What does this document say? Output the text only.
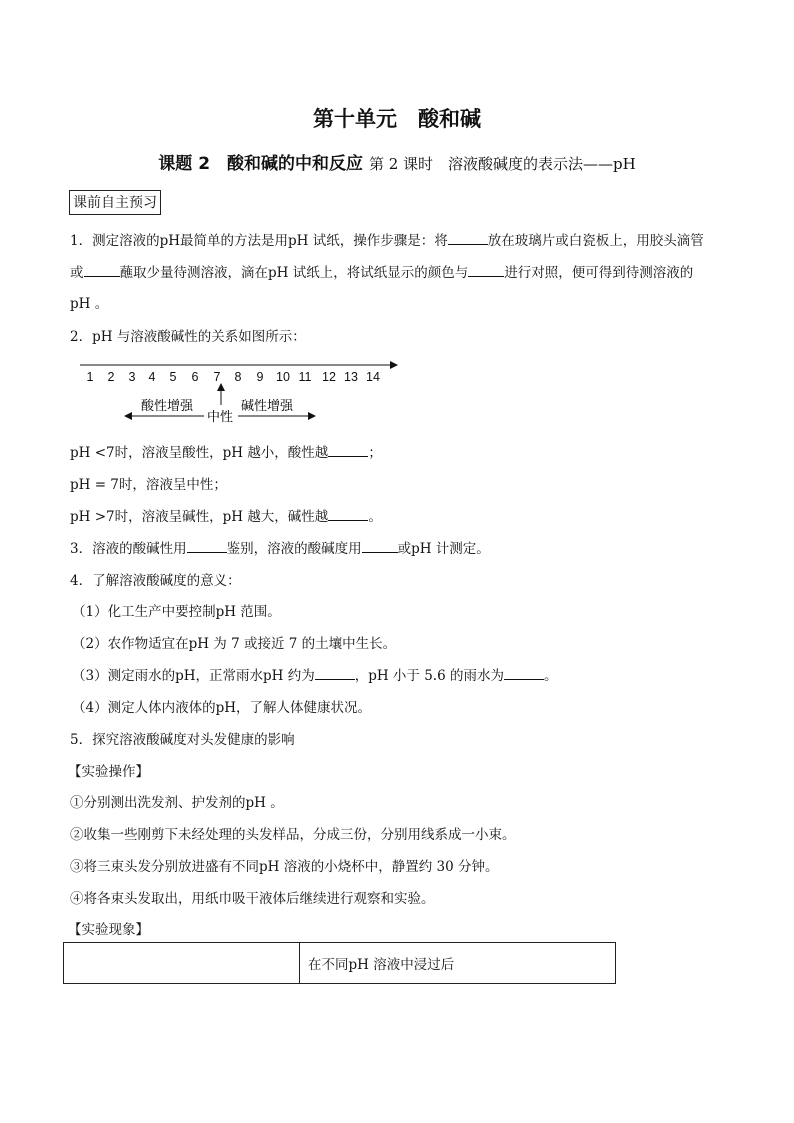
第十单元　酸和碱
课题 2　酸和碱的中和反应 第 2 课时　溶液酸碱度的表示法——pH
课前自主预习
1．测定溶液的pH最简单的方法是用pH 试纸，操作步骤是：将	放在玻璃片或白瓷板上，用胶头滴管
或	蘸取少量待测溶液，滴在pH 试纸上，将试纸显示的颜色与	进行对照，便可得到待测溶液的
pH 。
2．pH 与溶液酸碱性的关系如图所示：
1 2 3 4 5 6 7 8 9 10 11 12 13 14
酸性增强
中性
碱性增强
pH <7时，溶液呈酸性，pH 越小，酸性越	；
pH = 7时，溶液呈中性；
pH >7时，溶液呈碱性，pH 越大，碱性越	。
3．溶液的酸碱性用	鉴别，溶液的酸碱度用	或pH 计测定。
4．了解溶液酸碱度的意义：
（1）化工生产中要控制pH 范围。
（2）农作物适宜在pH 为 7 或接近 7 的土壤中生长。
（3）测定雨水的pH，正常雨水pH 约为	，pH 小于 5.6 的雨水为	。
（4）测定人体内液体的pH，了解人体健康状况。
5．探究溶液酸碱度对头发健康的影响
【实验操作】
①分别测出洗发剂、护发剂的pH 。
②收集一些刚剪下未经处理的头发样品，分成三份，分别用线系成一小束。
③将三束头发分别放进盛有不同pH 溶液的小烧杯中，静置约 30 分钟。
④将各束头发取出，用纸巾吸干液体后继续进行观察和实验。
【实验现象】
	在不同pH 溶液中浸过后
